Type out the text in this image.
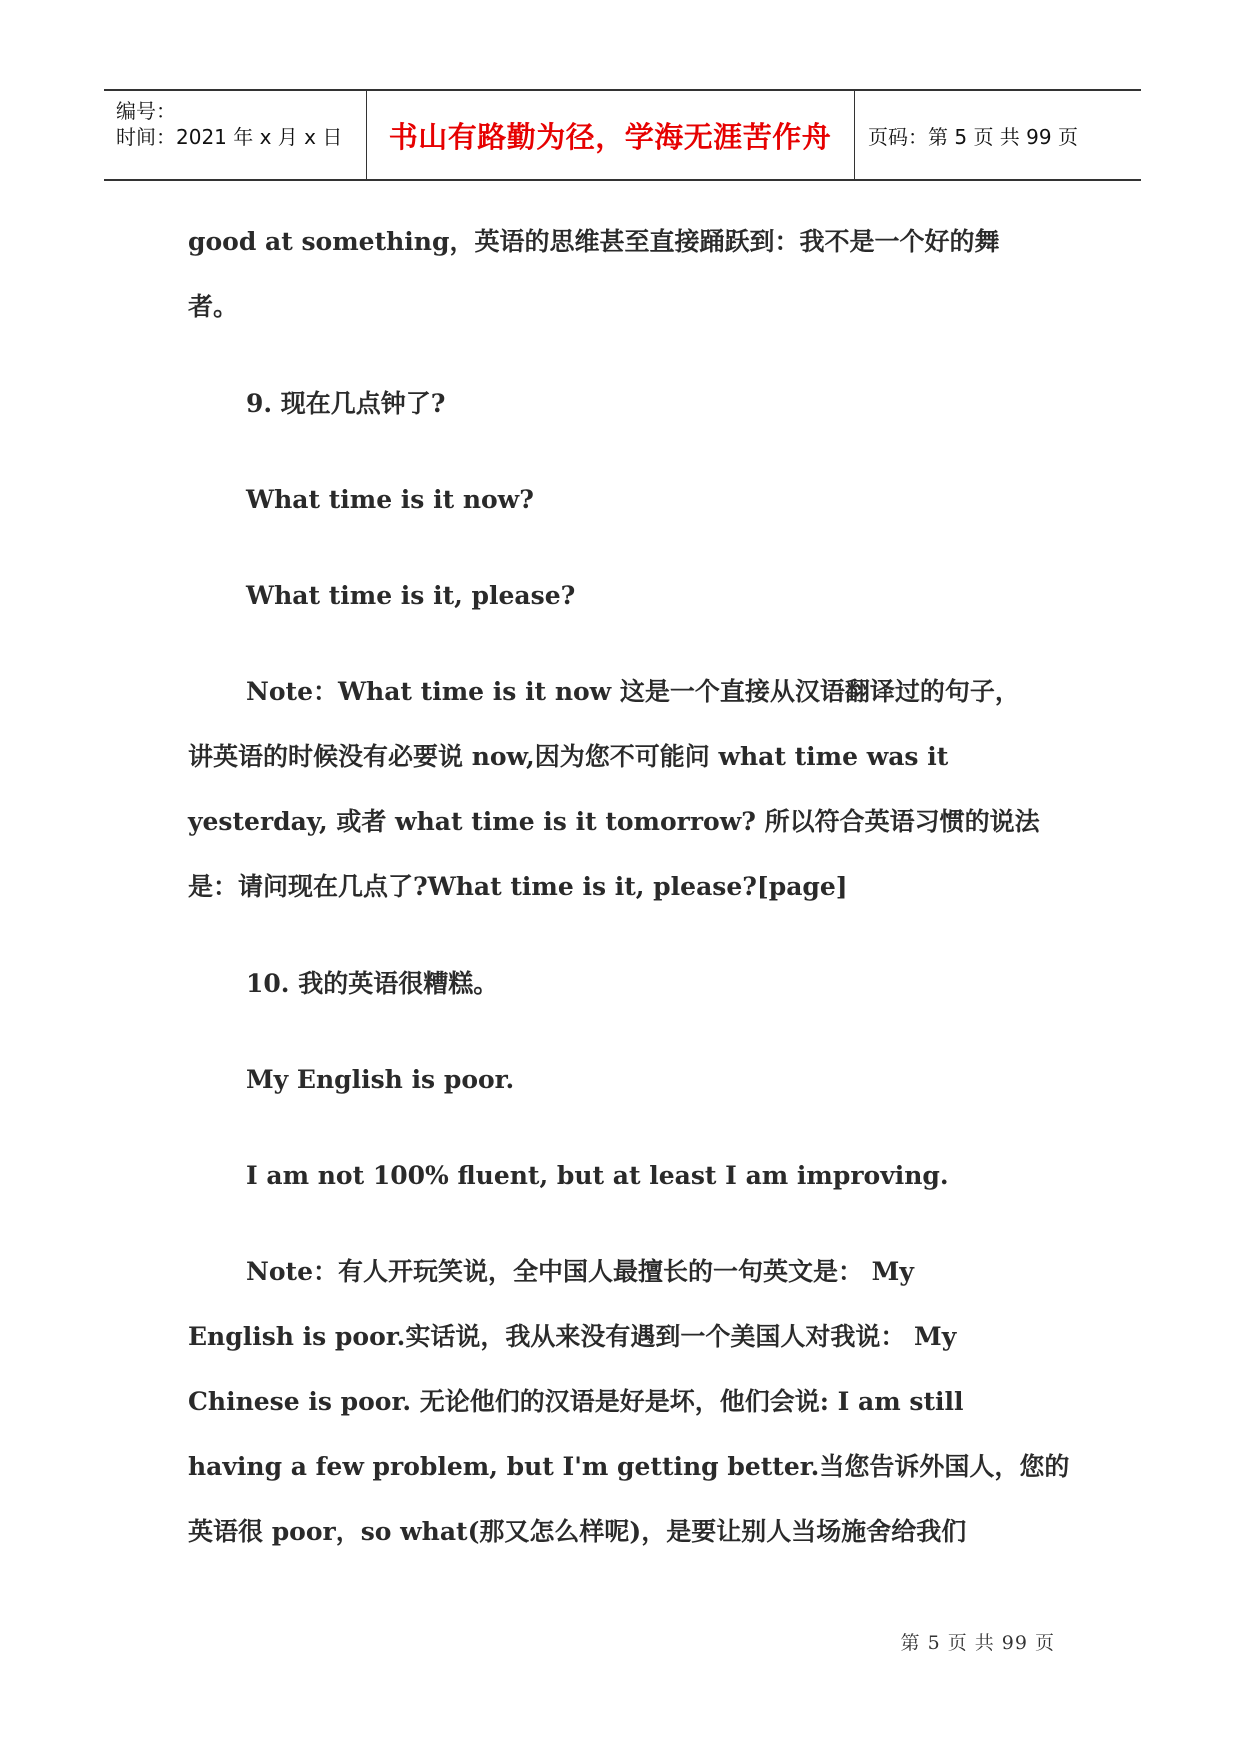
编号：
时间：2021 年 x 月 x 日	书山有路勤为径，学海无涯苦作舟	页码：第 5 页 共 99 页
good at something，英语的思维甚至直接踊跃到：我不是一个好的舞
者。
9. 现在几点钟了?
What time is it now?
What time is it, please?
Note：What time is it now 这是一个直接从汉语翻译过的句子，
讲英语的时候没有必要说 now,因为您不可能问 what time was it
yesterday, 或者 what time is it tomorrow? 所以符合英语习惯的说法
是：请问现在几点了?What time is it, please?[page]
10. 我的英语很糟糕。
My English is poor.
I am not 100% fluent, but at least I am improving.
Note：有人开玩笑说，全中国人最擅长的一句英文是： My
English is poor.实话说，我从来没有遇到一个美国人对我说： My
Chinese is poor. 无论他们的汉语是好是坏，他们会说: I am still
having a few problem, but I'm getting better.当您告诉外国人，您的
英语很 poor，so what(那又怎么样呢)，是要让别人当场施舍给我们
第 5 页 共 99 页
